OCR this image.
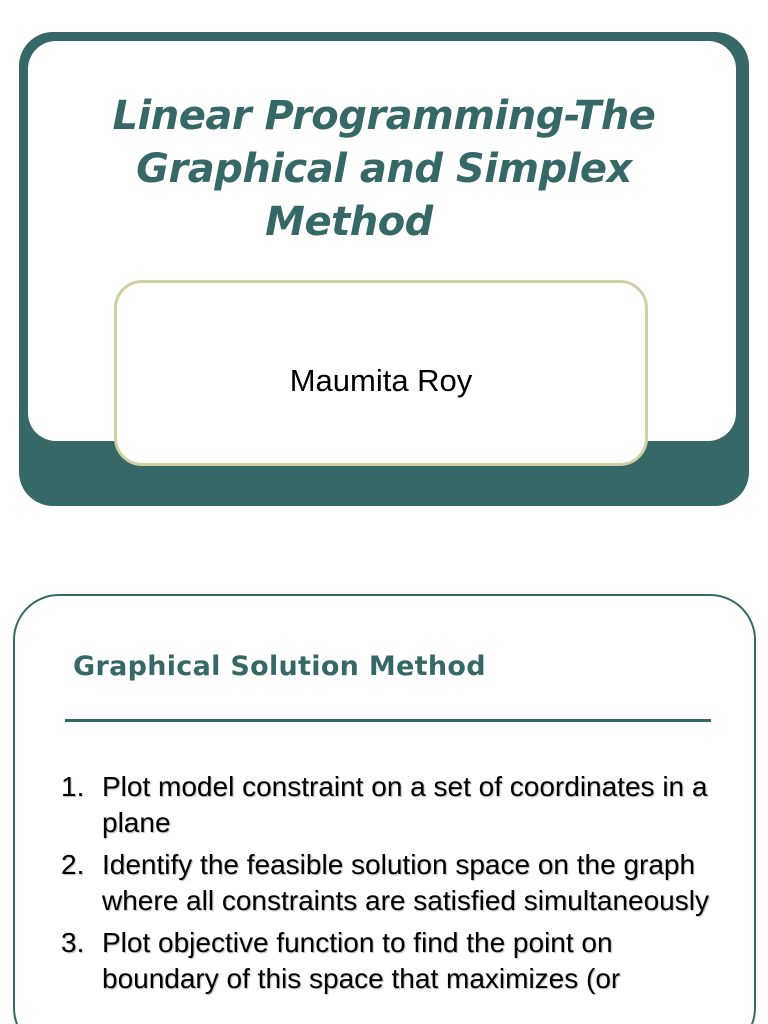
Linear Programming-The
Graphical and Simplex
Method
Maumita Roy
Graphical Solution Method
1. Plot model constraint on a set of coordinates in a plane
2. Identify the feasible solution space on the graph where all constraints are satisfied simultaneously
3. Plot objective function to find the point on boundary of this space that maximizes (or
